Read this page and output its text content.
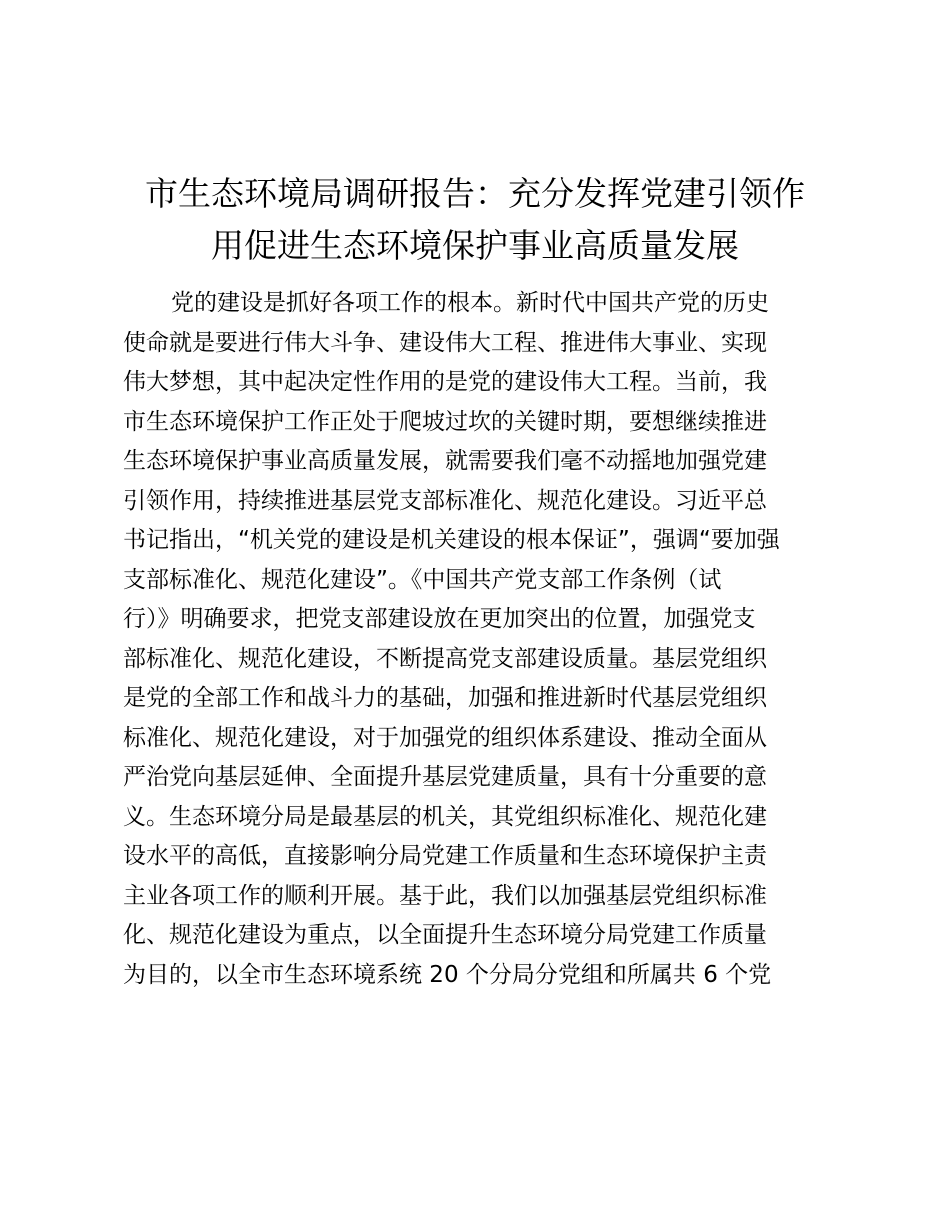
市生态环境局调研报告：充分发挥党建引领作
用促进生态环境保护事业高质量发展
党的建设是抓好各项工作的根本。新时代中国共产党的历史
使命就是要进行伟大斗争、建设伟大工程、推进伟大事业、实现
伟大梦想，其中起决定性作用的是党的建设伟大工程。当前，我
市生态环境保护工作正处于爬坡过坎的关键时期，要想继续推进
生态环境保护事业高质量发展，就需要我们毫不动摇地加强党建
引领作用，持续推进基层党支部标准化、规范化建设。习近平总
书记指出，“机关党的建设是机关建设的根本保证”，强调“要加强
支部标准化、规范化建设”。《中国共产党支部工作条例（试
行）》明确要求，把党支部建设放在更加突出的位置，加强党支
部标准化、规范化建设，不断提高党支部建设质量。基层党组织
是党的全部工作和战斗力的基础，加强和推进新时代基层党组织
标准化、规范化建设，对于加强党的组织体系建设、推动全面从
严治党向基层延伸、全面提升基层党建质量，具有十分重要的意
义。生态环境分局是最基层的机关，其党组织标准化、规范化建
设水平的高低，直接影响分局党建工作质量和生态环境保护主责
主业各项工作的顺利开展。基于此，我们以加强基层党组织标准
化、规范化建设为重点，以全面提升生态环境分局党建工作质量
为目的，以全市生态环境系统 20 个分局分党组和所属共 6 个党
